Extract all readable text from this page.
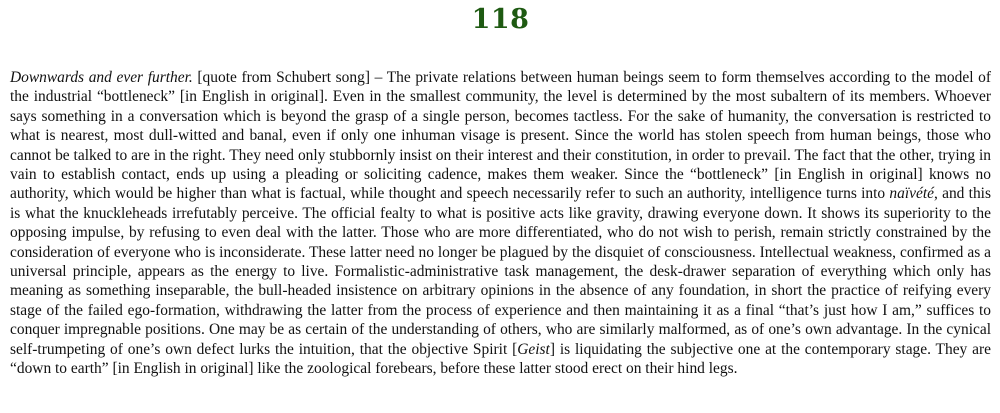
118

Downwards and ever further. [quote from Schubert song] – The private relations between human beings seem to form themselves according to the model of the industrial “bottleneck” [in English in original]. Even in the smallest community, the level is determined by the most subaltern of its members. Whoever says something in a conversation which is beyond the grasp of a single person, becomes tactless. For the sake of humanity, the conversation is restricted to what is nearest, most dull-witted and banal, even if only one inhuman visage is present. Since the world has stolen speech from human beings, those who cannot be talked to are in the right. They need only stubbornly insist on their interest and their constitution, in order to prevail. The fact that the other, trying in vain to establish contact, ends up using a pleading or soliciting cadence, makes them weaker. Since the “bottleneck” [in English in original] knows no authority, which would be higher than what is factual, while thought and speech necessarily refer to such an authority, intelligence turns into naïvété, and this is what the knuckleheads irrefutably perceive. The official fealty to what is positive acts like gravity, drawing everyone down. It shows its superiority to the opposing impulse, by refusing to even deal with the latter. Those who are more differentiated, who do not wish to perish, remain strictly constrained by the consideration of everyone who is inconsiderate. These latter need no longer be plagued by the disquiet of consciousness. Intellectual weakness, confirmed as a universal principle, appears as the energy to live. Formalistic-administrative task management, the desk-drawer separation of everything which only has meaning as something inseparable, the bull-headed insistence on arbitrary opinions in the absence of any foundation, in short the practice of reifying every stage of the failed ego-formation, withdrawing the latter from the process of experience and then maintaining it as a final “that’s just how I am,” suffices to conquer impregnable positions. One may be as certain of the understanding of others, who are similarly malformed, as of one’s own advantage. In the cynical self-trumpeting of one’s own defect lurks the intuition, that the objective Spirit [Geist] is liquidating the subjective one at the contemporary stage. They are “down to earth” [in English in original] like the zoological forebears, before these latter stood erect on their hind legs.
